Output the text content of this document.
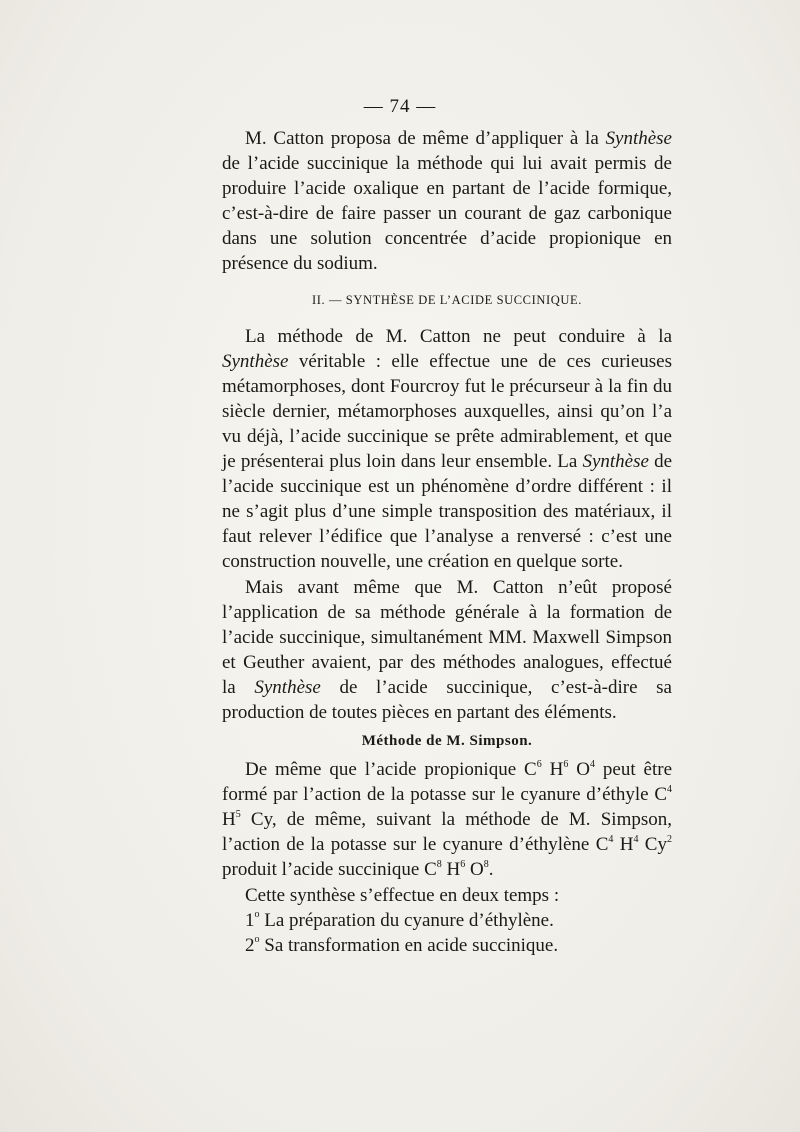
— 74 —

M. Catton proposa de même d’appliquer à la Synthèse de l’acide succinique la méthode qui lui avait permis de produire l’acide oxalique en partant de l’acide formique, c’est-à-dire de faire passer un courant de gaz carbonique dans une solution concentrée d’acide propionique en présence du sodium.

II. — SYNTHÈSE DE L’ACIDE SUCCINIQUE.

La méthode de M. Catton ne peut conduire à la Synthèse véritable : elle effectue une de ces curieuses métamorphoses, dont Fourcroy fut le précurseur à la fin du siècle dernier, métamorphoses auxquelles, ainsi qu’on l’a vu déjà, l’acide succinique se prête admirablement, et que je présenterai plus loin dans leur ensemble. La Synthèse de l’acide succinique est un phénomène d’ordre différent : il ne s’agit plus d’une simple transposition des matériaux, il faut relever l’édifice que l’analyse a renversé : c’est une construction nouvelle, une création en quelque sorte.

Mais avant même que M. Catton n’eût proposé l’application de sa méthode générale à la formation de l’acide succinique, simultanément MM. Maxwell Simpson et Geuther avaient, par des méthodes analogues, effectué la Synthèse de l’acide succinique, c’est-à-dire sa production de toutes pièces en partant des éléments.

Méthode de M. Simpson.

De même que l’acide propionique $C^6$ $H^6$ $O^4$ peut être formé par l’action de la potasse sur le cyanure d’éthyle $C^4$ $H^5$ Cy, de même, suivant la méthode de M. Simpson, l’action de la potasse sur le cyanure d’éthylène $C^4$ $H^4$ Cy$^2$ produit l’acide succinique $C^8$ $H^6$ $O^8$.

Cette synthèse s’effectue en deux temps :

1$^o$ La préparation du cyanure d’éthylène.

2$^o$ Sa transformation en acide succinique.
